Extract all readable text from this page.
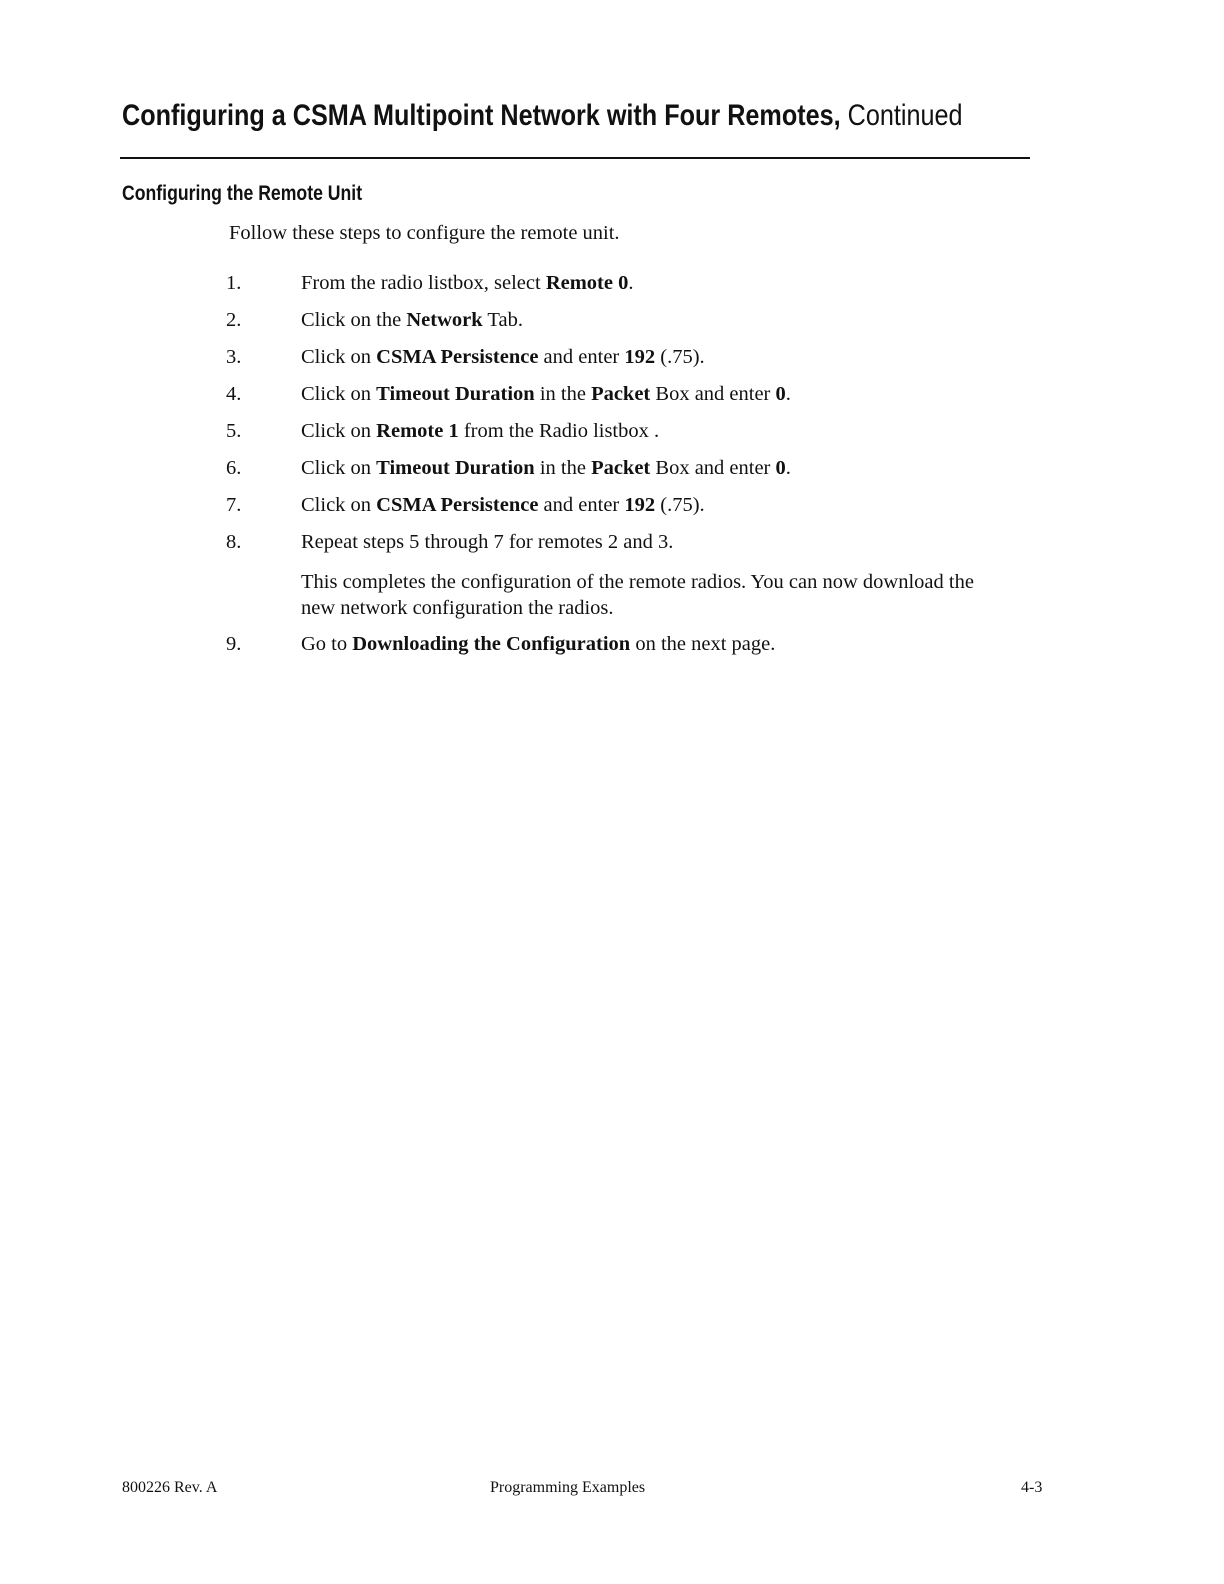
Configuring a CSMA Multipoint Network with Four Remotes, Continued
Configuring the Remote Unit

Follow these steps to configure the remote unit.

1.	From the radio listbox, select Remote 0.
2.	Click on the Network Tab.
3.	Click on CSMA Persistence and enter 192 (.75).
4.	Click on Timeout Duration in the Packet Box and enter 0.
5.	Click on Remote 1 from the Radio listbox .
6.	Click on Timeout Duration in the Packet Box and enter 0.
7.	Click on CSMA Persistence and enter 192 (.75).
8.	Repeat steps 5 through 7 for remotes 2 and 3.

This completes the configuration of the remote radios. You can now download the new network configuration the radios.

9.	Go to Downloading the Configuration on the next page.
800226 Rev. A	Programming Examples	4-3
